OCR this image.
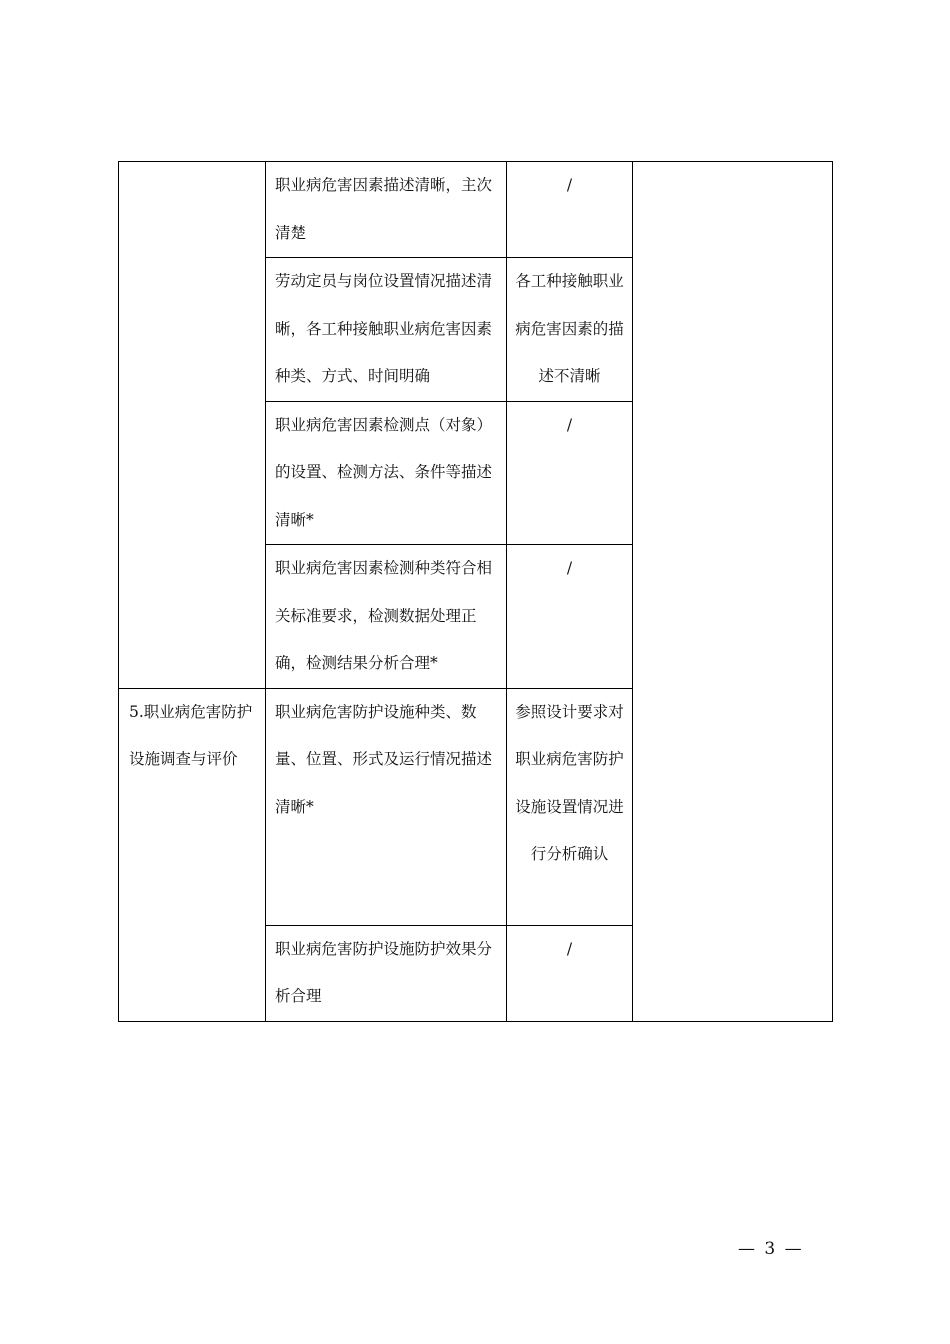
	职业病危害因素描述清晰，主次清楚	/	
	劳动定员与岗位设置情况描述清晰，各工种接触职业病危害因素种类、方式、时间明确	各工种接触职业病危害因素的描述不清晰	
	职业病危害因素检测点（对象）的设置、检测方法、条件等描述清晰*	/	
	职业病危害因素检测种类符合相关标准要求，检测数据处理正确，检测结果分析合理*	/	
5.职业病危害防护设施调查与评价	职业病危害防护设施种类、数量、位置、形式及运行情况描述清晰*	参照设计要求对职业病危害防护设施设置情况进行分析确认	
	职业病危害防护设施防护效果分析合理	/	
— 3 —
